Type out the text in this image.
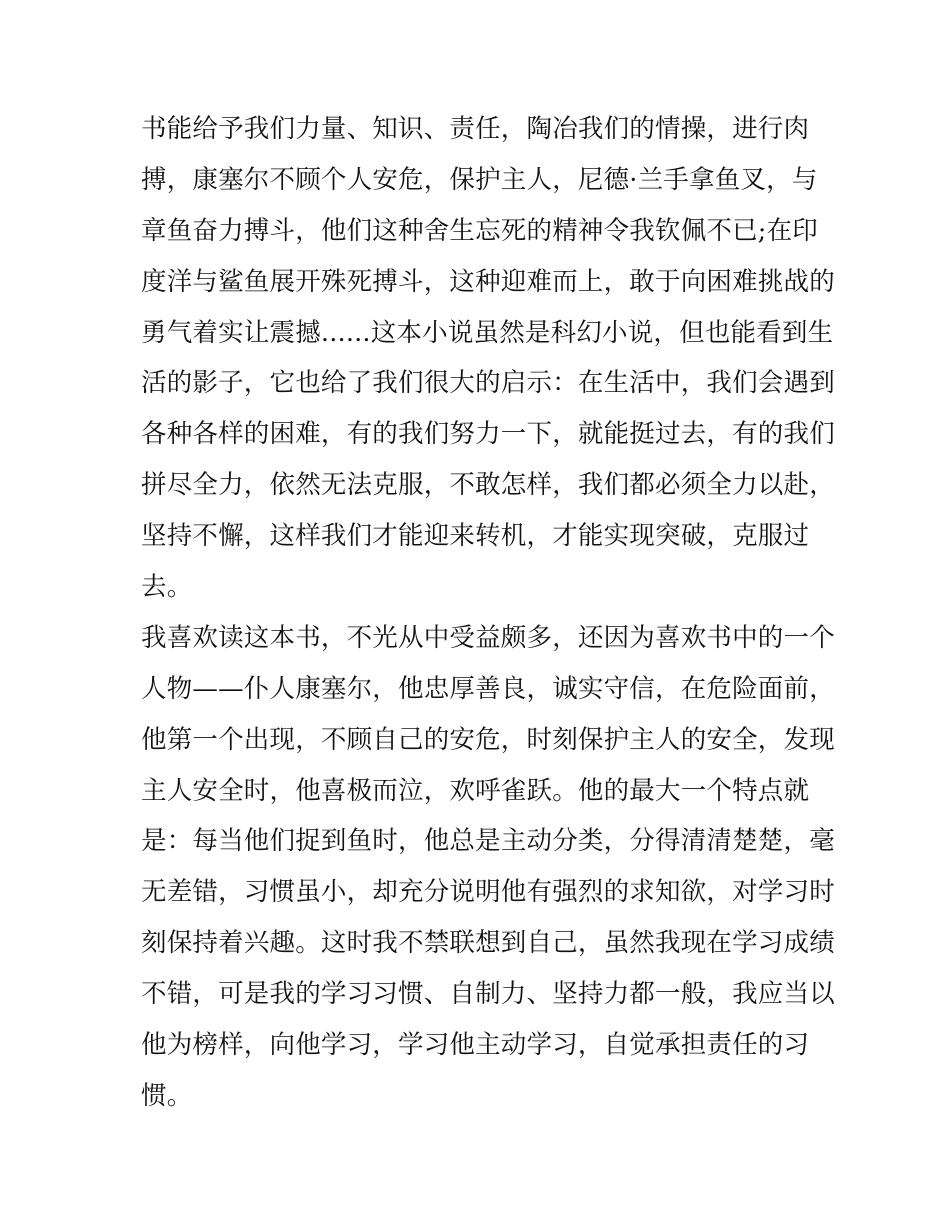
书能给予我们力量、知识、责任，陶冶我们的情操，进行肉
搏，康塞尔不顾个人安危，保护主人，尼德·兰手拿鱼叉，与
章鱼奋力搏斗，他们这种舍生忘死的精神令我钦佩不已;在印
度洋与鲨鱼展开殊死搏斗，这种迎难而上，敢于向困难挑战的
勇气着实让震撼......这本小说虽然是科幻小说，但也能看到生
活的影子，它也给了我们很大的启示：在生活中，我们会遇到
各种各样的困难，有的我们努力一下，就能挺过去，有的我们
拼尽全力，依然无法克服，不敢怎样，我们都必须全力以赴，
坚持不懈，这样我们才能迎来转机，才能实现突破，克服过
去。
我喜欢读这本书，不光从中受益颇多，还因为喜欢书中的一个
人物——仆人康塞尔，他忠厚善良，诚实守信，在危险面前，
他第一个出现，不顾自己的安危，时刻保护主人的安全，发现
主人安全时，他喜极而泣，欢呼雀跃。他的最大一个特点就
是：每当他们捉到鱼时，他总是主动分类，分得清清楚楚，毫
无差错，习惯虽小，却充分说明他有强烈的求知欲，对学习时
刻保持着兴趣。这时我不禁联想到自己，虽然我现在学习成绩
不错，可是我的学习习惯、自制力、坚持力都一般，我应当以
他为榜样，向他学习，学习他主动学习，自觉承担责任的习
惯。
